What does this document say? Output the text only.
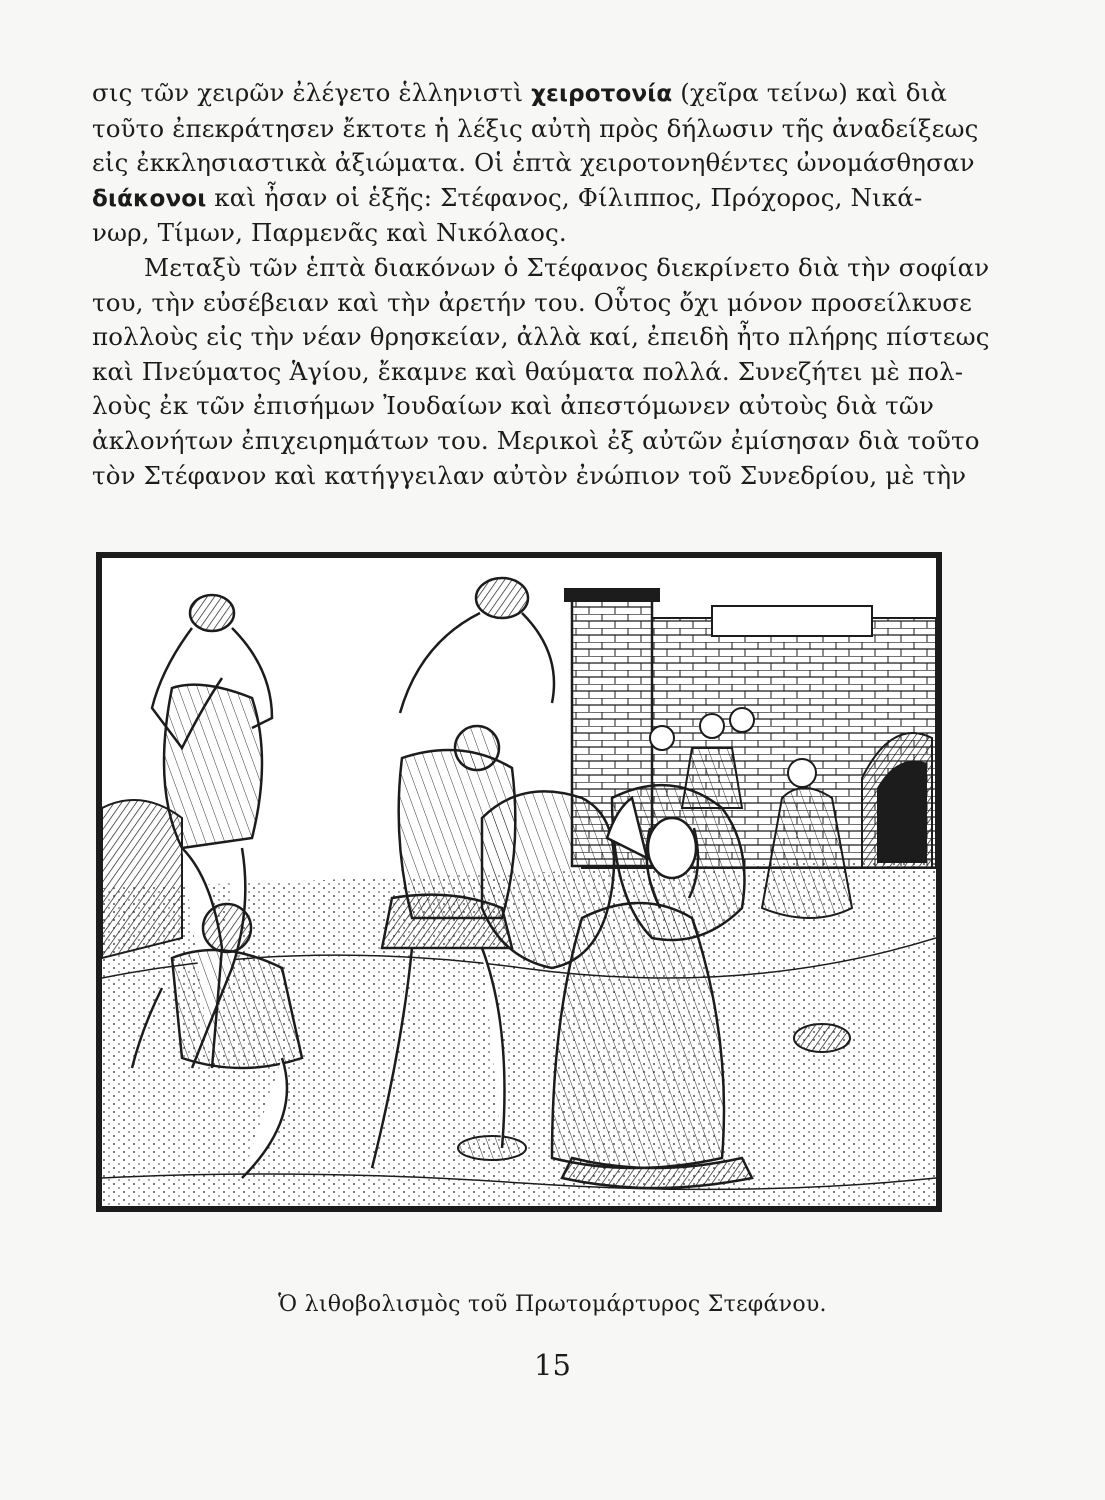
σις τῶν χειρῶν ἐλέγετο ἑλληνιστὶ χειροτονία (χεῖρα τείνω) καὶ διὰ
τοῦτο ἐπεκράτησεν ἔκτοτε ἡ λέξις αὐτὴ πρὸς δήλωσιν τῆς ἀναδείξεως
εἰς ἐκκλησιαστικὰ ἀξιώματα. Οἱ ἑπτὰ χειροτονηθέντες ὠνομάσθησαν
διάκονοι καὶ ἦσαν οἱ ἑξῆς: Στέφανος, Φίλιππος, Πρόχορος, Νικά-
νωρ, Τίμων, Παρμενᾶς καὶ Νικόλαος.
Μεταξὺ τῶν ἑπτὰ διακόνων ὁ Στέφανος διεκρίνετο διὰ τὴν σοφίαν
του, τὴν εὐσέβειαν καὶ τὴν ἀρετήν του. Οὗτος ὄχι μόνον προσείλκυσε
πολλοὺς εἰς τὴν νέαν θρησκείαν, ἀλλὰ καί, ἐπειδὴ ἦτο πλήρης πίστεως
καὶ Πνεύματος Ἁγίου, ἔκαμνε καὶ θαύματα πολλά. Συνεζήτει μὲ πολ-
λοὺς ἐκ τῶν ἐπισήμων Ἰουδαίων καὶ ἀπεστόμωνεν αὐτοὺς διὰ τῶν
ἀκλονήτων ἐπιχειρημάτων του. Μερικοὶ ἐξ αὐτῶν ἐμίσησαν διὰ τοῦτο
τὸν Στέφανον καὶ κατήγγειλαν αὐτὸν ἐνώπιον τοῦ Συνεδρίου, μὲ τὴν
Ὁ λιθοβολισμὸς τοῦ Πρωτομάρτυρος Στεφάνου.
15
